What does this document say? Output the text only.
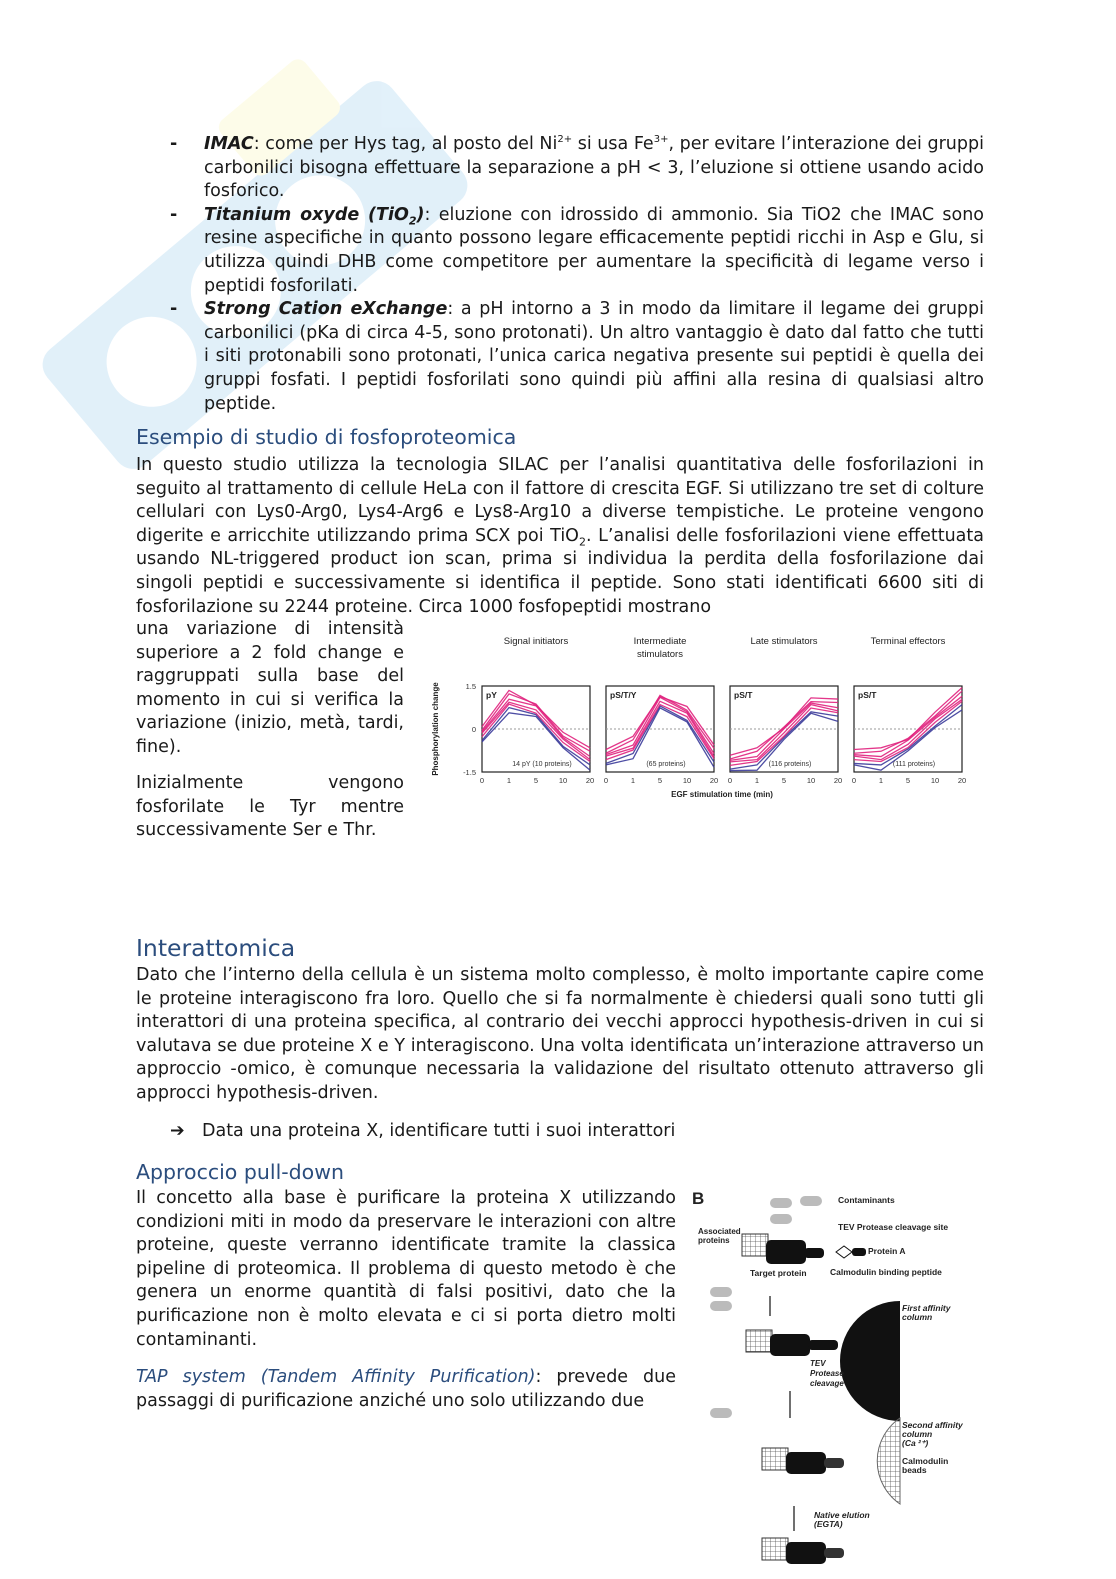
- IMAC: come per Hys tag, al posto del $Ni^{2+}$ si usa $Fe^{3+}$, per evitare l’interazione dei gruppi carbonilici bisogna effettuare la separazione a pH < 3, l’eluzione si ottiene usando acido fosforico.
- Titanium oxyde (TiO$_2$): eluzione con idrossido di ammonio. Sia TiO2 che IMAC sono resine aspecifiche in quanto possono legare efficacemente peptidi ricchi in Asp e Glu, si utilizza quindi DHB come competitore per aumentare la specificità di legame verso i peptidi fosforilati.
- Strong Cation eXchange: a pH intorno a 3 in modo da limitare il legame dei gruppi carbonilici (pKa di circa 4-5, sono protonati). Un altro vantaggio è dato dal fatto che tutti i siti protonabili sono protonati, l’unica carica negativa presente sui peptidi è quella dei gruppi fosfati. I peptidi fosforilati sono quindi più affini alla resina di qualsiasi altro peptide.
Esempio di studio di fosfoproteomica
In questo studio utilizza la tecnologia SILAC per l’analisi quantitativa delle fosforilazioni in seguito al trattamento di cellule HeLa con il fattore di crescita EGF. Si utilizzano tre set di colture cellulari con Lys0-Arg0, Lys4-Arg6 e Lys8-Arg10 a diverse tempistiche. Le proteine vengono digerite e arricchite utilizzando prima SCX poi TiO$_2$. L’analisi delle fosforilazioni viene effettuata usando NL-triggered product ion scan, prima si individua la perdita della fosforilazione dai singoli peptidi e successivamente si identifica il peptide. Sono stati identificati 6600 siti di fosforilazione su 2244 proteine. Circa 1000 fosfopeptidi mostrano
una variazione di intensità superiore a 2 fold change e raggruppati sulla base del momento in cui si verifica la variazione (inizio, metà, tardi, fine).
Inizialmente vengono fosforilate le Tyr mentre successivamente Ser e Thr.
Phosphorylation change	1.5
0
-1.5
Signal initiators
pY
14 pY (10 proteins)
0	1	5	10 20
Intermediate
stimulators
pS/T/Y
(65 proteins)
0	1	5	10 20
Late stimulators
pS/T
(116 proteins)
0	1	5	10 20
Terminal effectors
pS/T
(111 proteins)
0	1	5	10 20
EGF stimulation time (min)
Interattomica
Dato che l’interno della cellula è un sistema molto complesso, è molto importante capire come le proteine interagiscono fra loro. Quello che si fa normalmente è chiedersi quali sono tutti gli interattori di una proteina specifica, al contrario dei vecchi approcci hypothesis-driven in cui si valutava se due proteine X e Y interagiscono. Una volta identificata un’interazione attraverso un approccio -omico, è comunque necessaria la validazione del risultato ottenuto attraverso gli approcci hypothesis-driven.
➔ Data una proteina X, identificare tutti i suoi interattori
Approccio pull-down
Il concetto alla base è purificare la proteina X utilizzando condizioni miti in modo da preservare le interazioni con altre proteine, queste verranno identificate tramite la classica pipeline di proteomica. Il problema di questo metodo è che genera un enorme quantità di falsi positivi, dato che la purificazione non è molto elevata e ci si porta dietro molti contaminanti.
TAP system (Tandem Affinity Purification): prevede due passaggi di purificazione anziché uno solo utilizzando due
B	Contaminants
Associated
proteins
TEV Protease cleavage site
Protein A
Target protein	Calmodulin binding peptide
First affinity
column
IgG
beads
TEV
Protease
cleavage
Second affinity
column
(Ca ²⁺)
Calmodulin
beads
Native elution
(EGTA)
